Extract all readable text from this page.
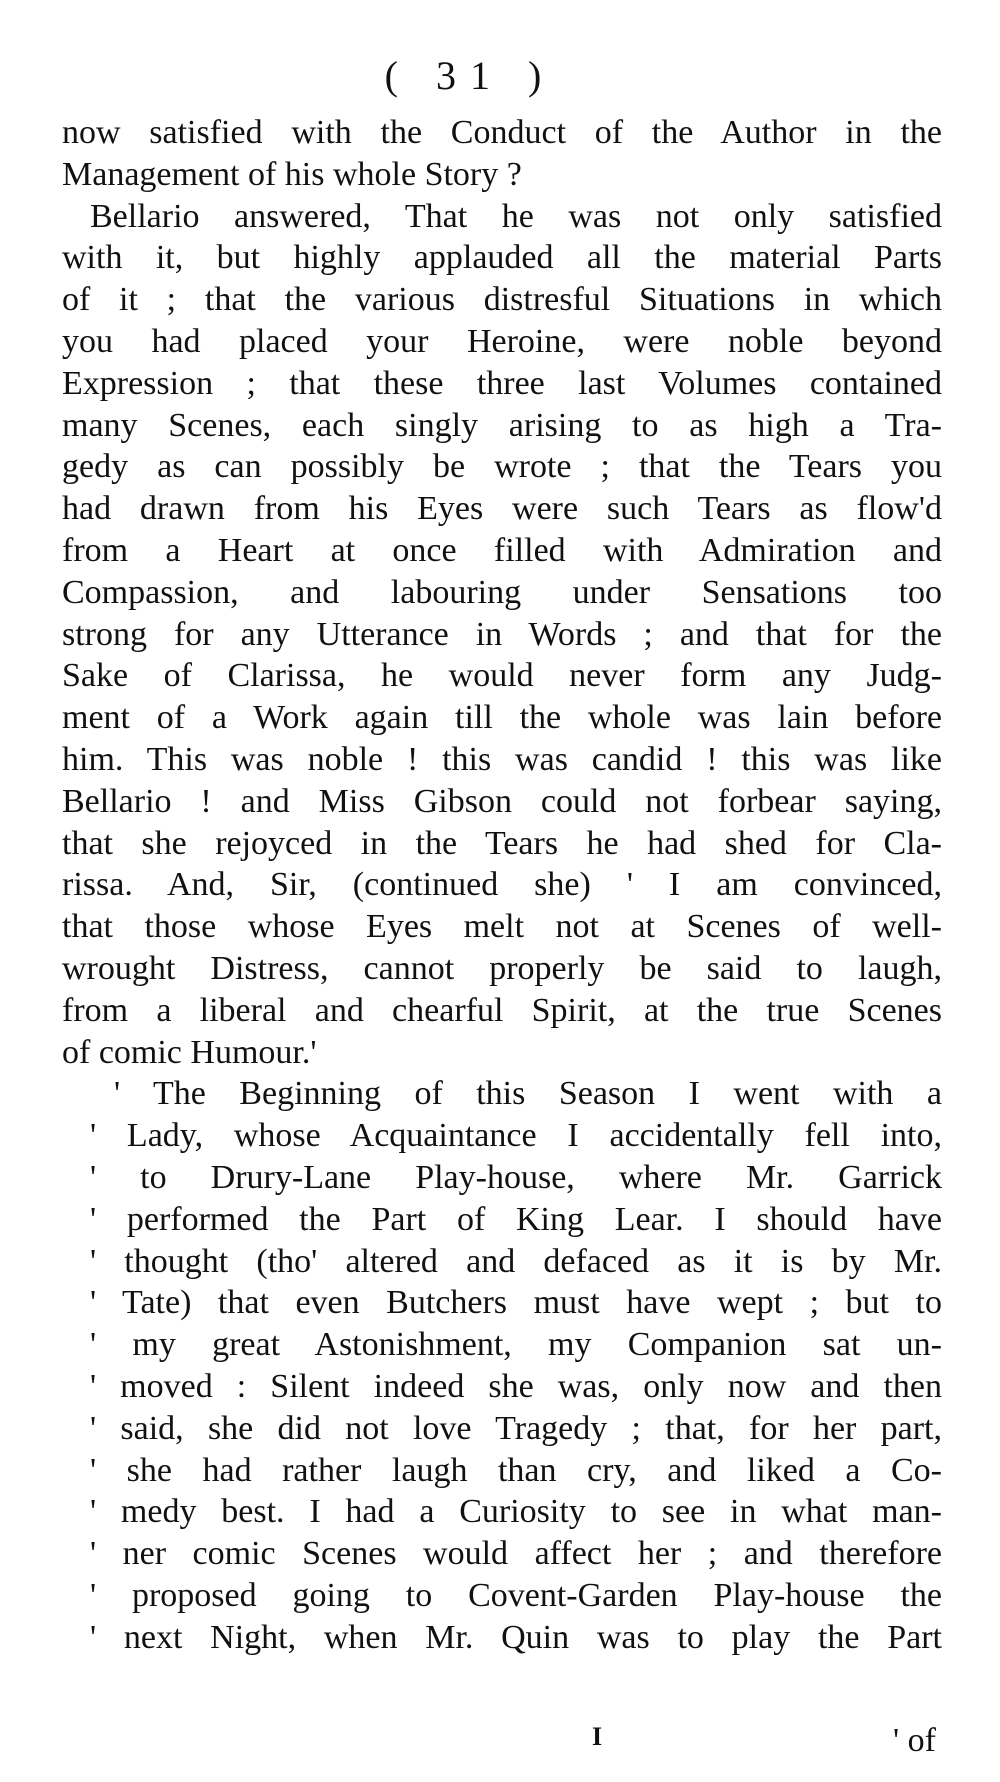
( 31 )
now satisfied with the Conduct of the Author in the
Management of his whole Story ?
Bellario answered, That he was not only satisfied
with it, but highly applauded all the material Parts
of it ; that the various distresful Situations in which
you had placed your Heroine, were noble beyond
Expression ; that these three last Volumes contained
many Scenes, each singly arising to as high a Tra-
gedy as can possibly be wrote ; that the Tears you
had drawn from his Eyes were such Tears as flow'd
from a Heart at once filled with Admiration and
Compassion, and labouring under Sensations too
strong for any Utterance in Words ; and that for the
Sake of Clarissa, he would never form any Judg-
ment of a Work again till the whole was lain before
him. This was noble ! this was candid ! this was like
Bellario ! and Miss Gibson could not forbear saying,
that she rejoyced in the Tears he had shed for Cla-
rissa. And, Sir, (continued she) ' I am convinced,
that those whose Eyes melt not at Scenes of well-
wrought Distress, cannot properly be said to laugh,
from a liberal and chearful Spirit, at the true Scenes
of comic Humour.'
' The Beginning of this Season I went with a
' Lady, whose Acquaintance I accidentally fell into,
' to Drury-Lane Play-house, where Mr. Garrick
' performed the Part of King Lear. I should have
' thought (tho' altered and defaced as it is by Mr.
' Tate) that even Butchers must have wept ; but to
' my great Astonishment, my Companion sat un-
' moved : Silent indeed she was, only now and then
' said, she did not love Tragedy ; that, for her part,
' she had rather laugh than cry, and liked a Co-
' medy best. I had a Curiosity to see in what man-
' ner comic Scenes would affect her ; and therefore
' proposed going to Covent-Garden Play-house the
' next Night, when Mr. Quin was to play the Part
I	' of
